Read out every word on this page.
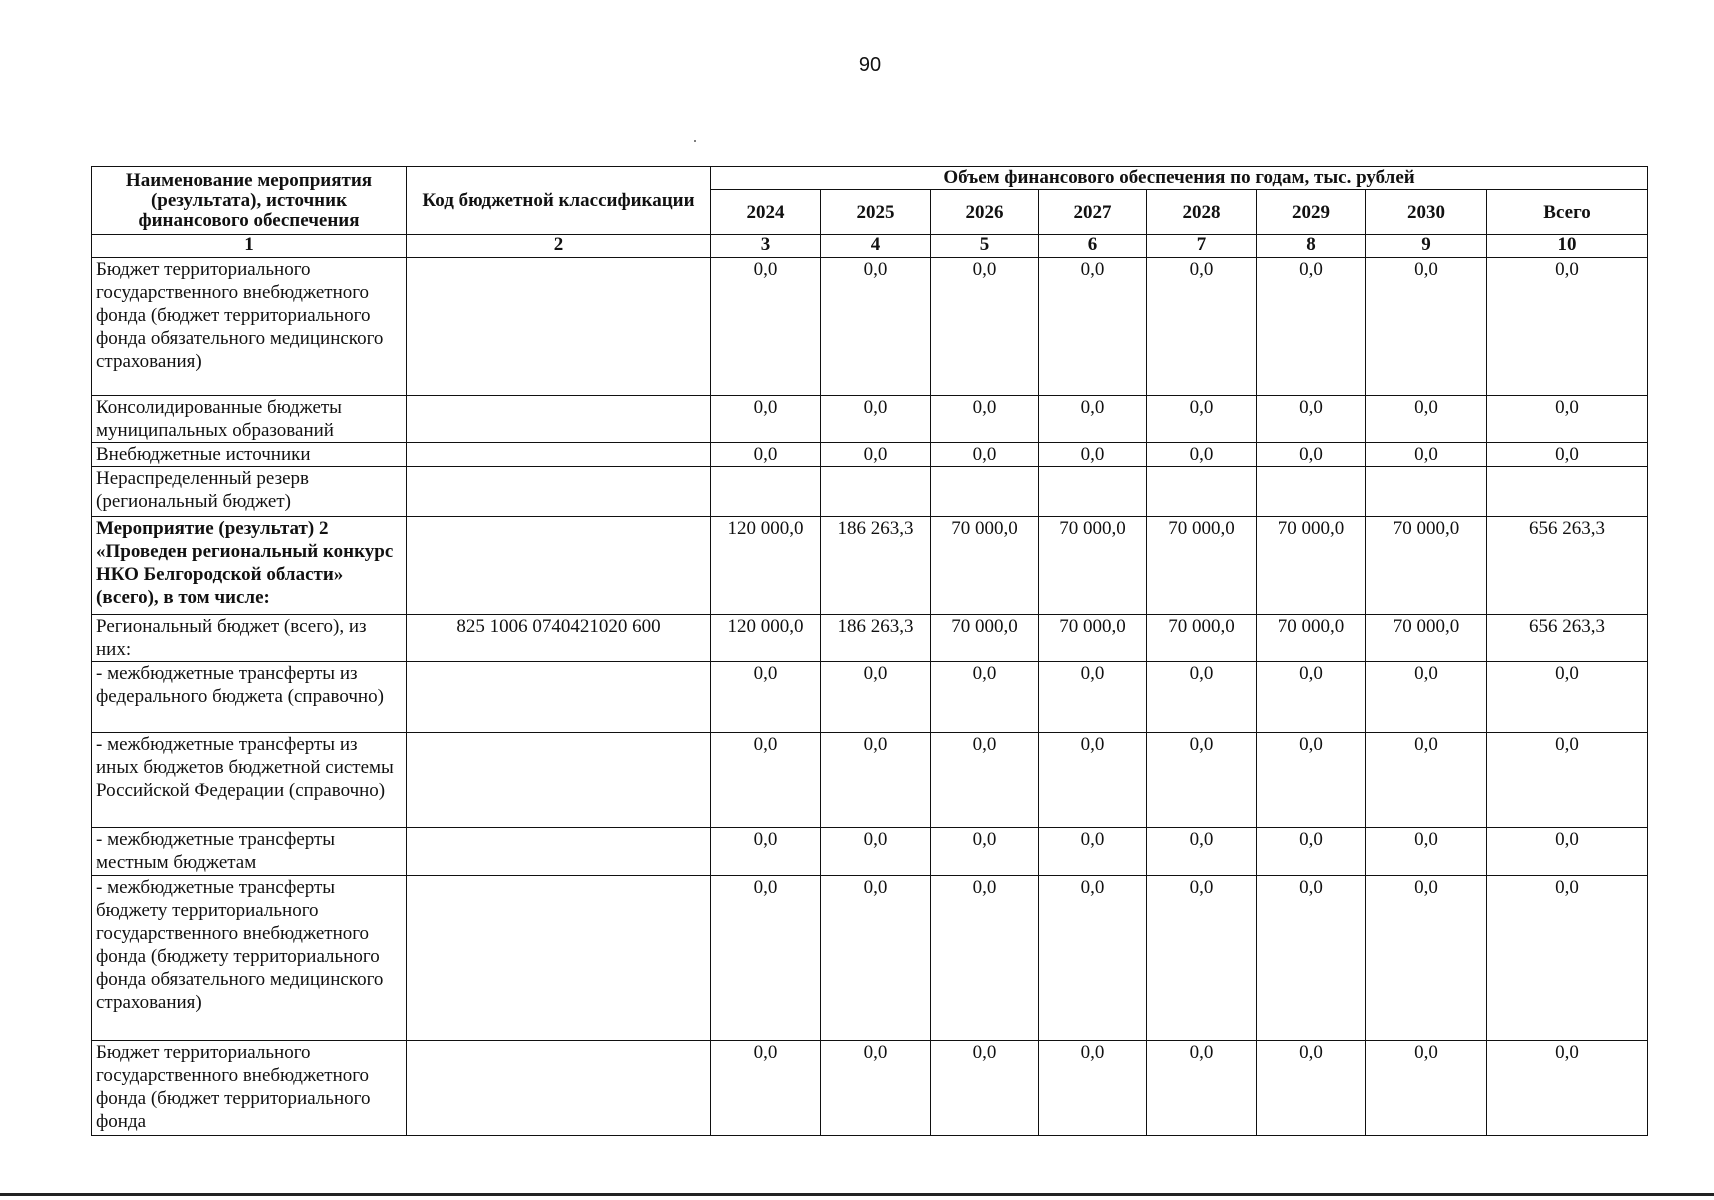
90
Наименование мероприятия (результата), источник финансового обеспечения	Код бюджетной классификации	Объем финансового обеспечения по годам, тыс. рублей							
		2024	2025	2026	2027	2028	2029	2030	Всего
1	2	3	4	5	6	7	8	9	10
Бюджет территориального государственного внебюджетного фонда (бюджет территориального фонда обязательного медицинского страхования)		0,0	0,0	0,0	0,0	0,0	0,0	0,0	0,0
Консолидированные бюджеты муниципальных образований		0,0	0,0	0,0	0,0	0,0	0,0	0,0	0,0
Внебюджетные источники		0,0	0,0	0,0	0,0	0,0	0,0	0,0	0,0
Нераспределенный резерв (региональный бюджет)									
Мероприятие (результат) 2 «Проведен региональный конкурс НКО Белгородской области» (всего), в том числе:		120 000,0	186 263,3	70 000,0	70 000,0	70 000,0	70 000,0	70 000,0	656 263,3
Региональный бюджет (всего), из них:	825 1006 0740421020 600	120 000,0	186 263,3	70 000,0	70 000,0	70 000,0	70 000,0	70 000,0	656 263,3
- межбюджетные трансферты из федерального бюджета (справочно)		0,0	0,0	0,0	0,0	0,0	0,0	0,0	0,0
- межбюджетные трансферты из иных бюджетов бюджетной системы Российской Федерации (справочно)		0,0	0,0	0,0	0,0	0,0	0,0	0,0	0,0
- межбюджетные трансферты местным бюджетам		0,0	0,0	0,0	0,0	0,0	0,0	0,0	0,0
- межбюджетные трансферты бюджету территориального государственного внебюджетного фонда (бюджету территориального фонда обязательного медицинского страхования)		0,0	0,0	0,0	0,0	0,0	0,0	0,0	0,0
Бюджет территориального государственного внебюджетного фонда (бюджет территориального фонда		0,0	0,0	0,0	0,0	0,0	0,0	0,0	0,0
